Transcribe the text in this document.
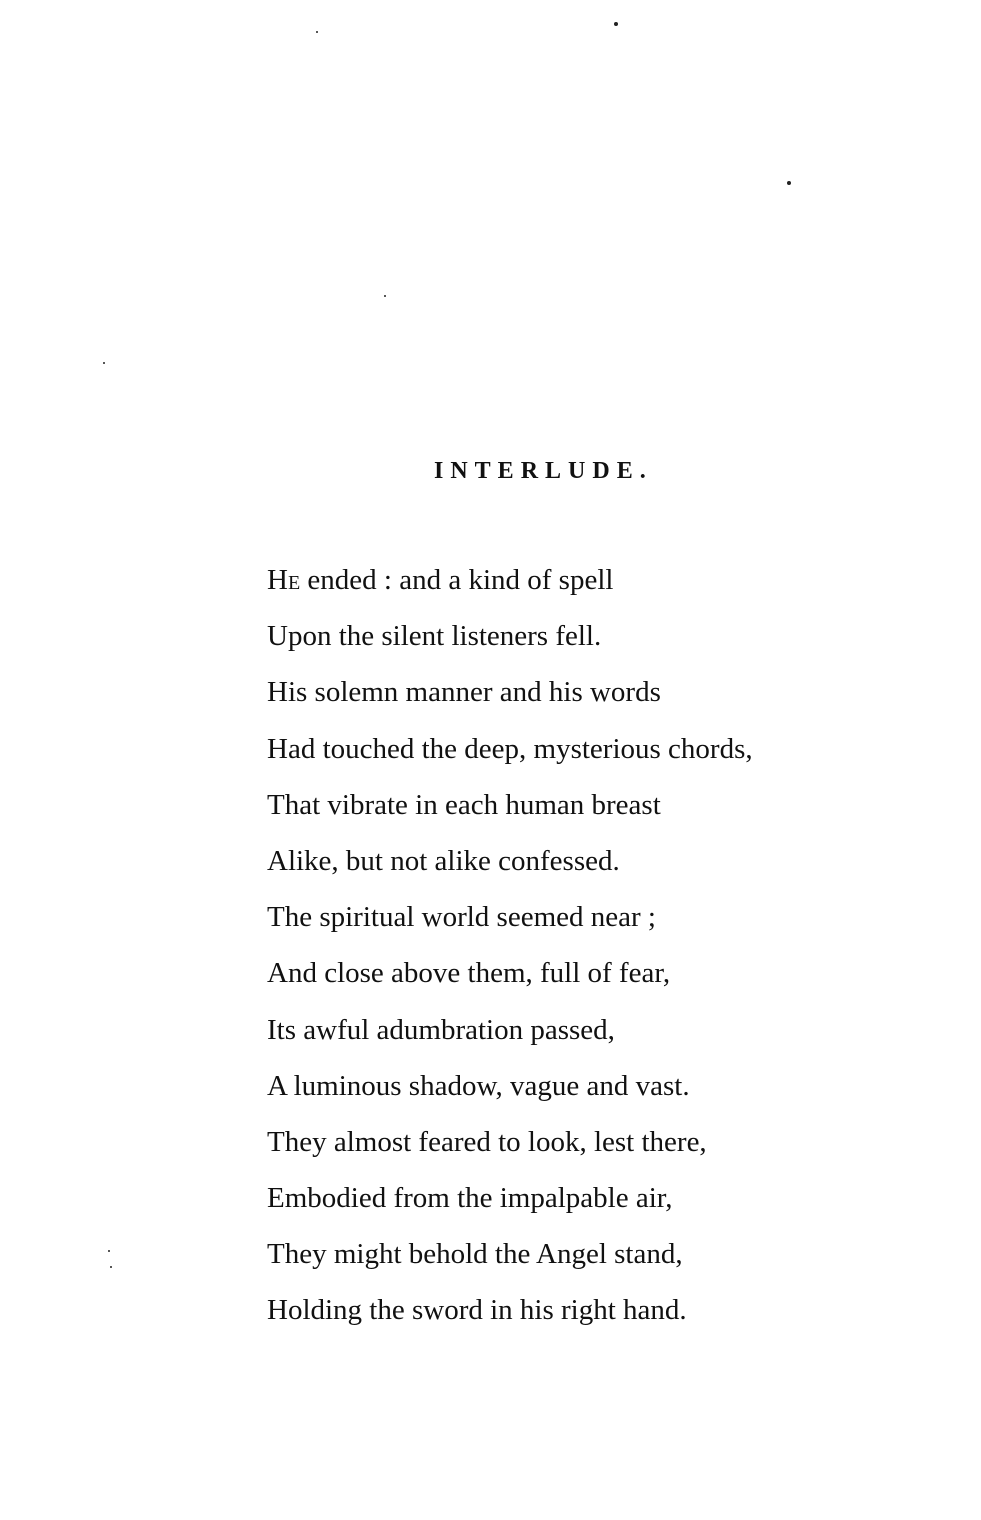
INTERLUDE.
He ended : and a kind of spell
Upon the silent listeners fell.
His solemn manner and his words
Had touched the deep, mysterious chords,
That vibrate in each human breast
Alike, but not alike confessed.
The spiritual world seemed near ;
And close above them, full of fear,
Its awful adumbration passed,
A luminous shadow, vague and vast.
They almost feared to look, lest there,
Embodied from the impalpable air,
They might behold the Angel stand,
Holding the sword in his right hand.
